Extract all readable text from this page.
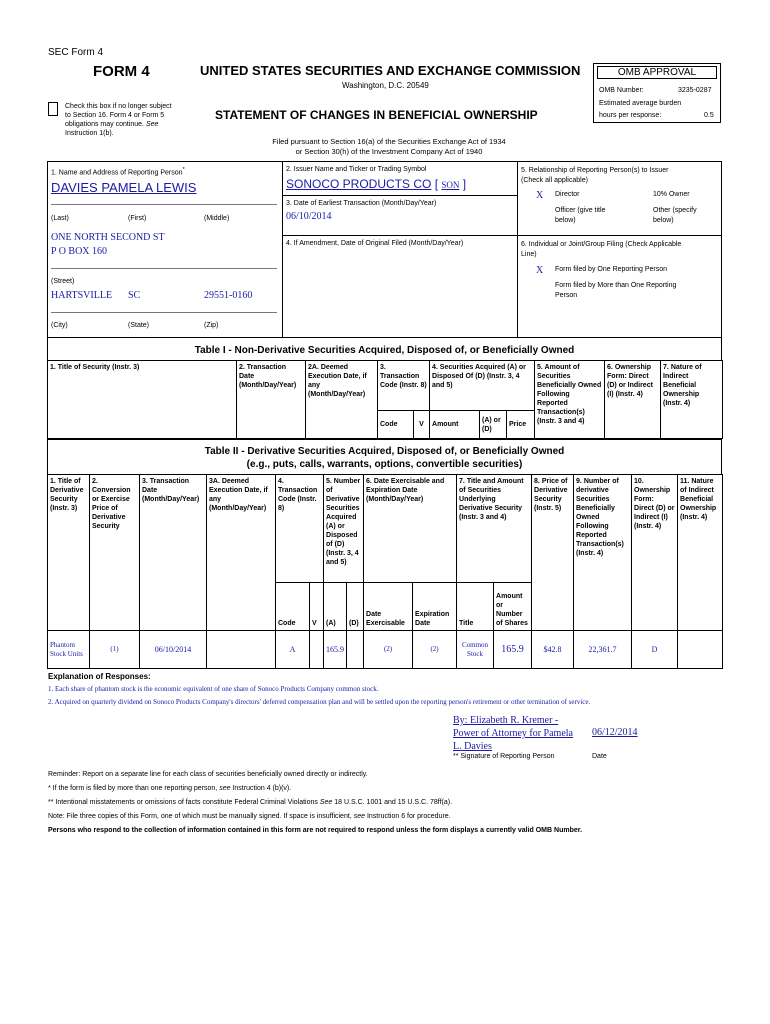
SEC Form 4
FORM 4	UNITED STATES SECURITIES AND EXCHANGE COMMISSION
Washington, D.C. 20549
Check this box if no longer subject
to Section 16. Form 4 or Form 5
obligations may continue. See
Instruction 1(b).
STATEMENT OF CHANGES IN BENEFICIAL OWNERSHIP
Filed pursuant to Section 16(a) of the Securities Exchange Act of 1934
or Section 30(h) of the Investment Company Act of 1940
OMB APPROVAL
OMB Number:	3235-0287
Estimated average burden
hours per response:	0.5
1. Name and Address of Reporting Person*
DAVIES PAMELA LEWIS
(Last)	(First)	(Middle)
ONE NORTH SECOND ST
P O BOX 160
(Street)
HARTSVILLE SC	29551-0160
(City)	(State)	(Zip)
2. Issuer Name and Ticker or Trading Symbol
SONOCO PRODUCTS CO [ SON ]
3. Date of Earliest Transaction (Month/Day/Year)
06/10/2014
4. If Amendment, Date of Original Filed (Month/Day/Year)
5. Relationship of Reporting Person(s) to Issuer
(Check all applicable)
X Director	10% Owner
Officer (give title
below)
Other (specify
below)
6. Individual or Joint/Group Filing (Check Applicable
Line)
X Form filed by One Reporting Person
Form filed by More than One Reporting
Person
Table I - Non-Derivative Securities Acquired, Disposed of, or Beneficially Owned
1. Title of Security (Instr. 3)	2. Transaction Date (Month/Day/Year)	2A. Deemed Execution Date, if any (Month/Day/Year)	3. Transaction Code (Instr. 8)		4. Securities Acquired (A) or Disposed Of (D) (Instr. 3, 4 and 5)			5. Amount of Securities Beneficially Owned Following Reported Transaction(s) (Instr. 3 and 4)	6. Ownership Form: Direct (D) or Indirect (I) (Instr. 4)	7. Nature of Indirect Beneficial Ownership (Instr. 4)
			Code	V	Amount	(A) or (D)	Price			
Table II - Derivative Securities Acquired, Disposed of, or Beneficially Owned
(e.g., puts, calls, warrants, options, convertible securities)
1. Title of Derivative Security (Instr. 3)	2. Conversion or Exercise Price of Derivative Security	3. Transaction Date (Month/Day/Year)	3A. Deemed Execution Date, if any (Month/Day/Year)	4. Transaction Code (Instr. 8)		5. Number of Derivative Securities Acquired (A) or Disposed of (D) (Instr. 3, 4 and 5)		6. Date Exercisable and Expiration Date (Month/Day/Year)		7. Title and Amount of Securities Underlying Derivative Security (Instr. 3 and 4)		8. Price of Derivative Security (Instr. 5)	9. Number of derivative Securities Beneficially Owned Following Reported Transaction(s) (Instr. 4)	10. Ownership Form: Direct (D) or Indirect (I) (Instr. 4)	11. Nature of Indirect Beneficial Ownership (Instr. 4)
				Code	V	(A)	(D)	Date Exercisable	Expiration Date	Title	Amount or Number of Shares				
Phantom Stock Units	(1)	06/10/2014		A		165.9		(2)	(2)	Common Stock	165.9	$42.8	22,361.7	D	
Explanation of Responses:
1. Each share of phantom stock is the economic equivalent of one share of Sonoco Products Company common stock.
2. Acquired on quarterly dividend on Sonoco Products Company's directors' deferred compensation plan and will be settled upon the reporting person's retirement or other termination of service.
By: Elizabeth R. Kremer -
Power of Attorney for Pamela
L. Davies
06/12/2014
** Signature of Reporting Person	Date
Reminder: Report on a separate line for each class of securities beneficially owned directly or indirectly.
* If the form is filed by more than one reporting person, see Instruction 4 (b)(v).
** Intentional misstatements or omissions of facts constitute Federal Criminal Violations See 18 U.S.C. 1001 and 15 U.S.C. 78ff(a).
Note: File three copies of this Form, one of which must be manually signed. If space is insufficient, see Instruction 6 for procedure.
Persons who respond to the collection of information contained in this form are not required to respond unless the form displays a currently valid OMB Number.
